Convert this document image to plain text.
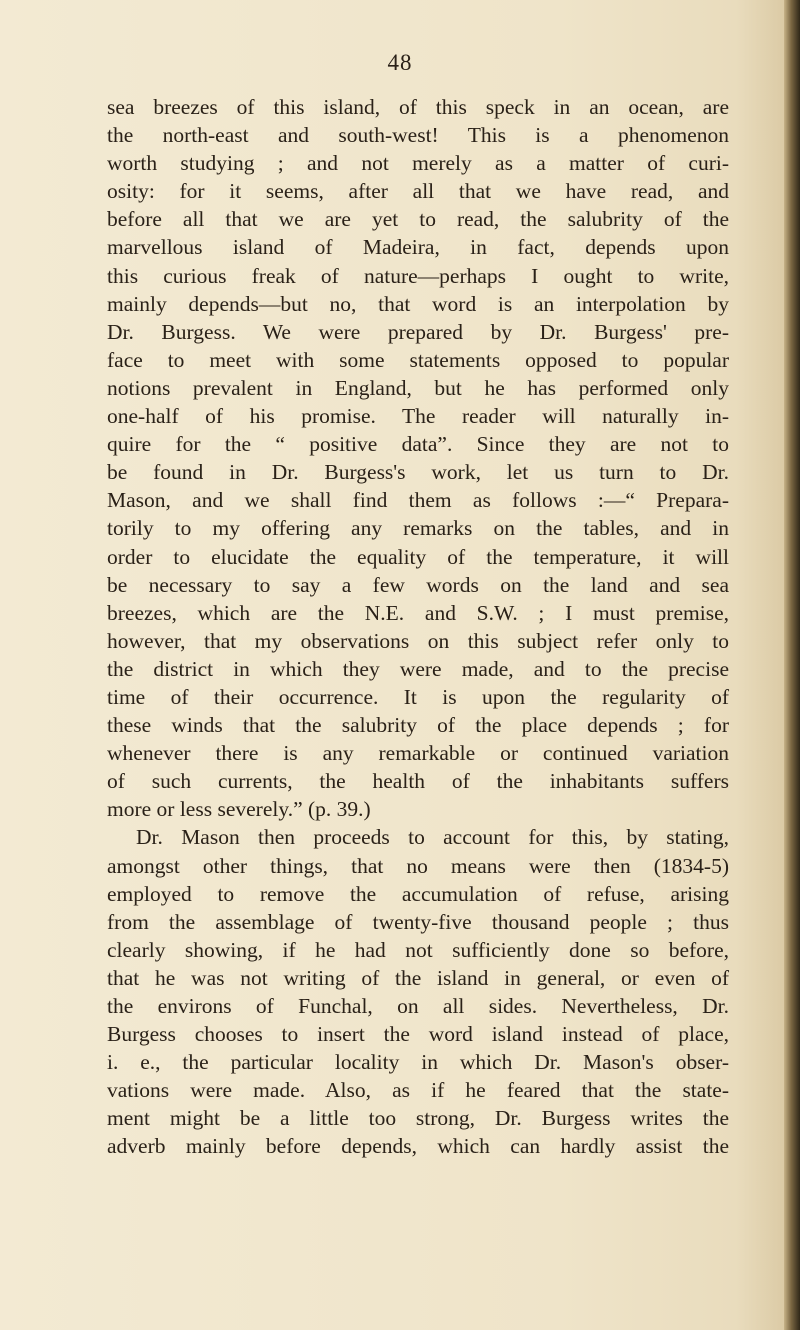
48
sea breezes of this island, of this speck in an ocean, are
the north-east and south-west! This is a phenomenon
worth studying ; and not merely as a matter of curi-
osity: for it seems, after all that we have read, and
before all that we are yet to read, the salubrity of the
marvellous island of Madeira, in fact, depends upon
this curious freak of nature—perhaps I ought to write,
mainly depends—but no, that word is an interpolation by
Dr. Burgess. We were prepared by Dr. Burgess' pre-
face to meet with some statements opposed to popular
notions prevalent in England, but he has performed only
one-half of his promise. The reader will naturally in-
quire for the “ positive data”. Since they are not to
be found in Dr. Burgess's work, let us turn to Dr.
Mason, and we shall find them as follows :—“ Prepara-
torily to my offering any remarks on the tables, and in
order to elucidate the equality of the temperature, it will
be necessary to say a few words on the land and sea
breezes, which are the N.E. and S.W. ; I must premise,
however, that my observations on this subject refer only to
the district in which they were made, and to the precise
time of their occurrence. It is upon the regularity of
these winds that the salubrity of the place depends ; for
whenever there is any remarkable or continued variation
of such currents, the health of the inhabitants suffers
more or less severely.” (p. 39.)
Dr. Mason then proceeds to account for this, by stating,
amongst other things, that no means were then (1834-5)
employed to remove the accumulation of refuse, arising
from the assemblage of twenty-five thousand people ; thus
clearly showing, if he had not sufficiently done so before,
that he was not writing of the island in general, or even of
the environs of Funchal, on all sides. Nevertheless, Dr.
Burgess chooses to insert the word island instead of place,
i. e., the particular locality in which Dr. Mason's obser-
vations were made. Also, as if he feared that the state-
ment might be a little too strong, Dr. Burgess writes the
adverb mainly before depends, which can hardly assist the
